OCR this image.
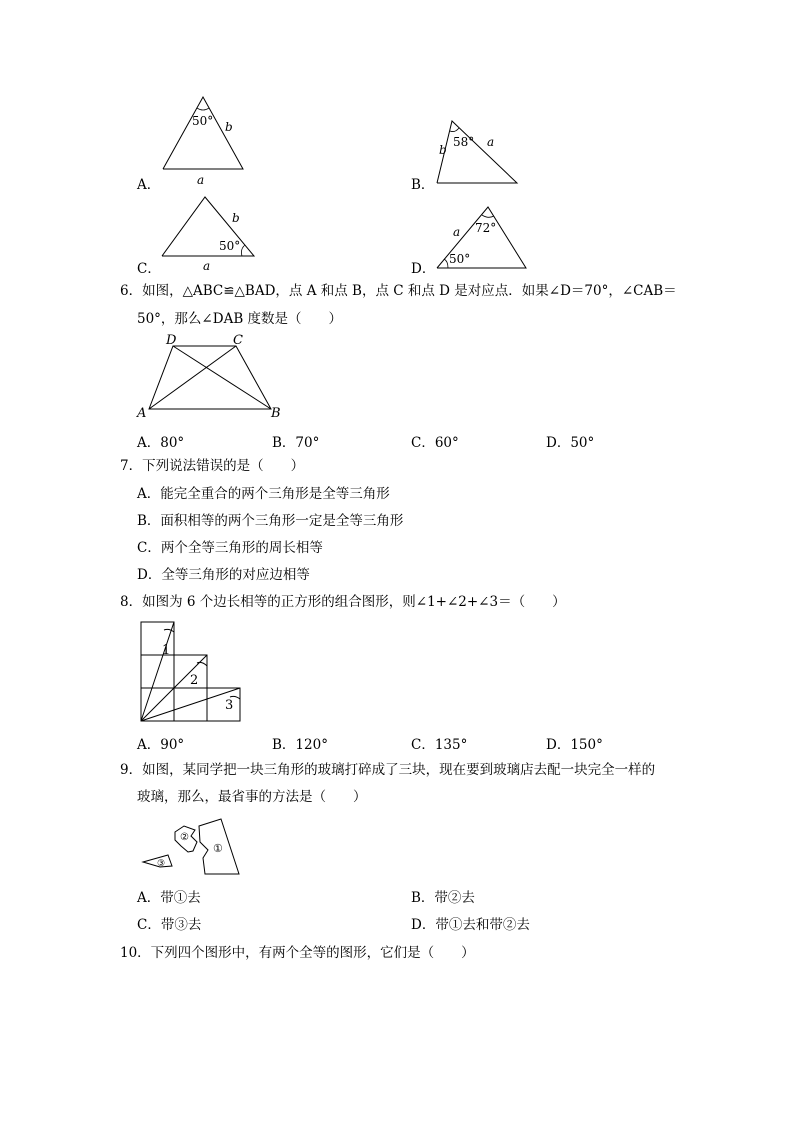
A．
50° b
a
58°
b
a
50°
b
a
B．
C．	D．
72°
50°
a
6．如图，△ABC≌△BAD，点 A 和点 B，点 C 和点 D 是对应点．如果∠D＝70°，∠CAB＝
50°，那么∠DAB 度数是（　　）
D	C
A	B
A．80°	B．70°	C．60°	D．50°
7．下列说法错误的是（　　）
A．能完全重合的两个三角形是全等三角形
B．面积相等的两个三角形一定是全等三角形
C．两个全等三角形的周长相等
D．全等三角形的对应边相等
8．如图为 6 个边长相等的正方形的组合图形，则∠1+∠2+∠3＝（　　）
1
2
3
A．90°	B．120°	C．135°	D．150°
9．如图，某同学把一块三角形的玻璃打碎成了三块，现在要到玻璃店去配一块完全一样的
玻璃，那么，最省事的方法是（　　）
①
②
③
A．带①去	B．带②去
C．带③去	D．带①去和带②去
10．下列四个图形中，有两个全等的图形，它们是（　　）
